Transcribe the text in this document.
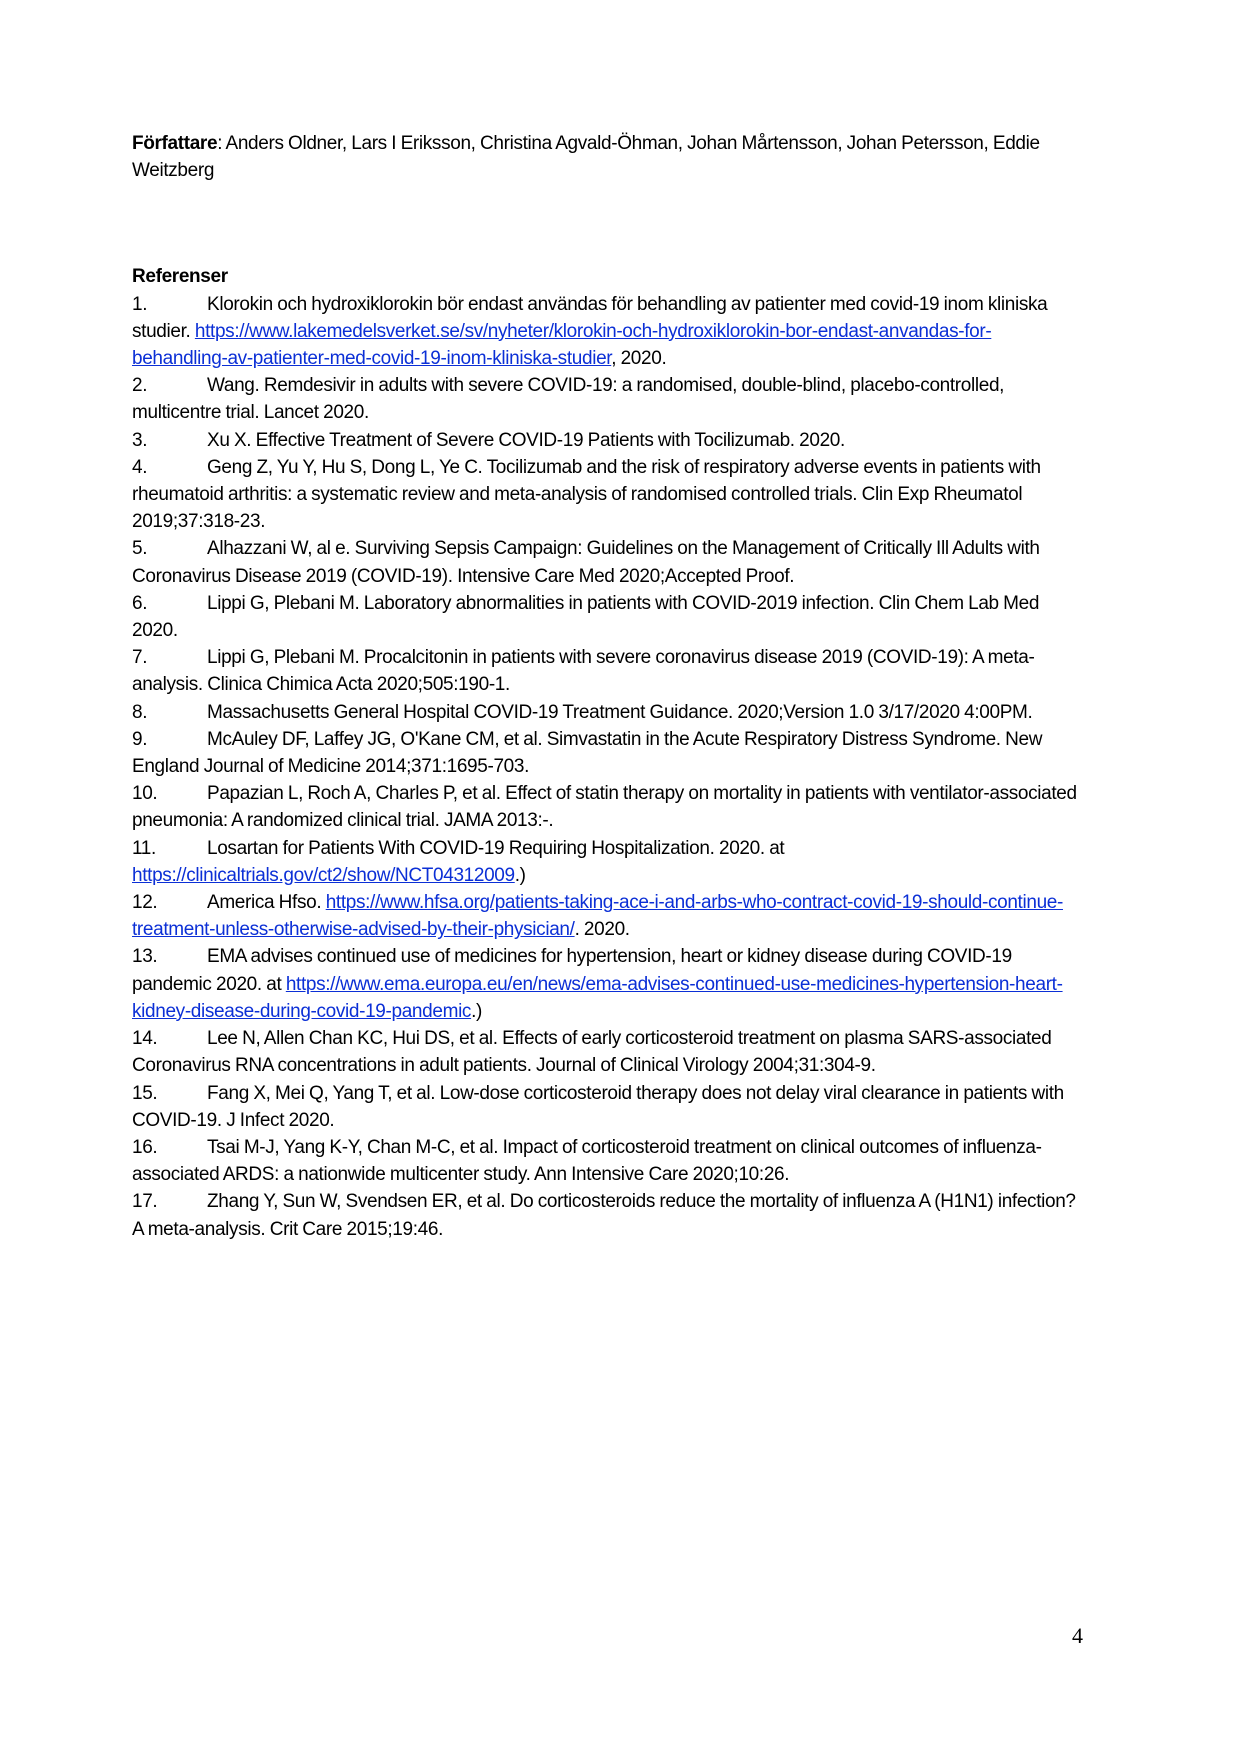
Författare: Anders Oldner, Lars I Eriksson, Christina Agvald-Öhman, Johan Mårtensson, Johan Petersson, Eddie Weitzberg

Referenser

1.	Klorokin och hydroxiklorokin bör endast användas för behandling av patienter med covid-19 inom kliniska studier. https://www.lakemedelsverket.se/sv/nyheter/klorokin-och-hydroxiklorokin-bor-endast-anvandas-for-behandling-av-patienter-med-covid-19-inom-kliniska-studier, 2020.

2.	Wang. Remdesivir in adults with severe COVID-19: a randomised, double-blind, placebo-controlled, multicentre trial. Lancet 2020.

3.	Xu X. Effective Treatment of Severe COVID-19 Patients with Tocilizumab. 2020.

4.	Geng Z, Yu Y, Hu S, Dong L, Ye C. Tocilizumab and the risk of respiratory adverse events in patients with rheumatoid arthritis: a systematic review and meta-analysis of randomised controlled trials. Clin Exp Rheumatol 2019;37:318-23.

5.	Alhazzani W, al e. Surviving Sepsis Campaign: Guidelines on the Management of Critically Ill Adults with Coronavirus Disease 2019 (COVID-19). Intensive Care Med 2020;Accepted Proof.

6.	Lippi G, Plebani M. Laboratory abnormalities in patients with COVID-2019 infection. Clin Chem Lab Med 2020.

7.	Lippi G, Plebani M. Procalcitonin in patients with severe coronavirus disease 2019 (COVID-19): A meta-analysis. Clinica Chimica Acta 2020;505:190-1.

8.	Massachusetts General Hospital COVID-19 Treatment Guidance. 2020;Version 1.0 3/17/2020 4:00PM.

9.	McAuley DF, Laffey JG, O'Kane CM, et al. Simvastatin in the Acute Respiratory Distress Syndrome. New England Journal of Medicine 2014;371:1695-703.

10.	Papazian L, Roch A, Charles P, et al. Effect of statin therapy on mortality in patients with ventilator-associated pneumonia: A randomized clinical trial. JAMA 2013:-.

11.	Losartan for Patients With COVID-19 Requiring Hospitalization. 2020. at https://clinicaltrials.gov/ct2/show/NCT04312009.)

12.	America Hfso. https://www.hfsa.org/patients-taking-ace-i-and-arbs-who-contract-covid-19-should-continue-treatment-unless-otherwise-advised-by-their-physician/. 2020.

13.	EMA advises continued use of medicines for hypertension, heart or kidney disease during COVID-19 pandemic 2020. at https://www.ema.europa.eu/en/news/ema-advises-continued-use-medicines-hypertension-heart-kidney-disease-during-covid-19-pandemic.)

14.	Lee N, Allen Chan KC, Hui DS, et al. Effects of early corticosteroid treatment on plasma SARS-associated Coronavirus RNA concentrations in adult patients. Journal of Clinical Virology 2004;31:304-9.

15.	Fang X, Mei Q, Yang T, et al. Low-dose corticosteroid therapy does not delay viral clearance in patients with COVID-19. J Infect 2020.

16.	Tsai M-J, Yang K-Y, Chan M-C, et al. Impact of corticosteroid treatment on clinical outcomes of influenza-associated ARDS: a nationwide multicenter study. Ann Intensive Care 2020;10:26.

17.	Zhang Y, Sun W, Svendsen ER, et al. Do corticosteroids reduce the mortality of influenza A (H1N1) infection? A meta-analysis. Crit Care 2015;19:46.

4
